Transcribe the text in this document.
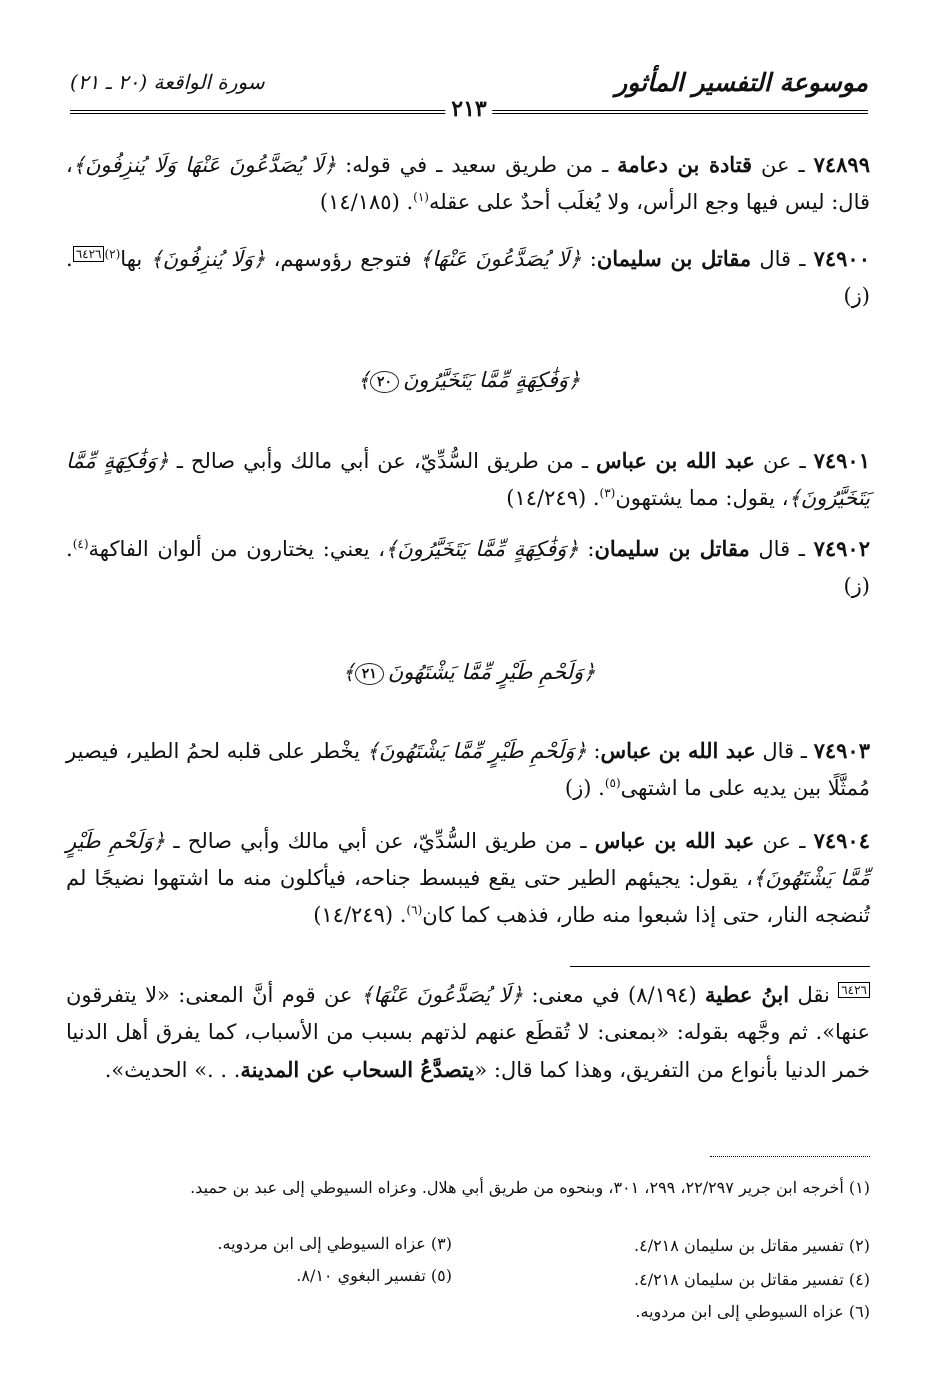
موسوعة التفسير المأثور
سورة الواقعة (٢٠ ـ ٢١)
٢١٣
٧٤٨٩٩ ـ عن قتادة بن دعامة ـ من طريق سعيد ـ في قوله: ﴿لَا يُصَدَّعُونَ عَنْهَا وَلَا يُنزِفُونَ﴾، قال: ليس فيها وجع الرأس، ولا يُغلَب أحدٌ على عقله$^{(١)}$. (١٤/١٨٥)
٧٤٩٠٠ ـ قال مقاتل بن سليمان: ﴿لَا يُصَدَّعُونَ عَنْهَا﴾ فتوجع رؤوسهم، ﴿وَلَا يُنزِفُونَ﴾ بها$^{(٢)}$٦٤٢٦. (ز)
﴿وَفَٰكِهَةٍ مِّمَّا يَتَخَيَّرُونَ٢٠﴾
٧٤٩٠١ ـ عن عبد الله بن عباس ـ من طريق السُّدِّيّ، عن أبي مالك وأبي صالح ـ ﴿وَفَٰكِهَةٍ مِّمَّا يَتَخَيَّرُونَ﴾، يقول: مما يشتهون$^{(٣)}$. (١٤/٢٤٩)
٧٤٩٠٢ ـ قال مقاتل بن سليمان: ﴿وَفَٰكِهَةٍ مِّمَّا يَتَخَيَّرُونَ﴾، يعني: يختارون من ألوان الفاكهة$^{(٤)}$. (ز)
﴿وَلَحْمِ طَيْرٍ مِّمَّا يَشْتَهُونَ٢١﴾
٧٤٩٠٣ ـ قال عبد الله بن عباس: ﴿وَلَحْمِ طَيْرٍ مِّمَّا يَشْتَهُونَ﴾ يخْطر على قلبه لحمُ الطير، فيصير مُمثَّلًا بين يديه على ما اشتهى$^{(٥)}$. (ز)
٧٤٩٠٤ ـ عن عبد الله بن عباس ـ من طريق السُّدِّيّ، عن أبي مالك وأبي صالح ـ ﴿وَلَحْمِ طَيْرٍ مِّمَّا يَشْتَهُونَ﴾، يقول: يجيئهم الطير حتى يقع فيبسط جناحه، فيأكلون منه ما اشتهوا نضيجًا لم تُنضجه النار، حتى إذا شبعوا منه طار، فذهب كما كان$^{(٦)}$. (١٤/٢٤٩)
٦٤٢٦ نقل ابنُ عطية (٨/١٩٤) في معنى: ﴿لَا يُصَدَّعُونَ عَنْهَا﴾ عن قوم أنَّ المعنى: «لا يتفرقون عنها». ثم وجَّهه بقوله: «بمعنى: لا تُقطَع عنهم لذتهم بسبب من الأسباب، كما يفرق أهل الدنيا خمر الدنيا بأنواع من التفريق، وهذا كما قال: «يتصدَّعُ السحاب عن المدينة. . .» الحديث».
(١) أخرجه ابن جرير ٢٢/٢٩٧، ٢٩٩، ٣٠١، وبنحوه من طريق أبي هلال. وعزاه السيوطي إلى عبد بن حميد.
(٢) تفسير مقاتل بن سليمان ٤/٢١٨.
(٣) عزاه السيوطي إلى ابن مردويه.
(٤) تفسير مقاتل بن سليمان ٤/٢١٨.
(٥) تفسير البغوي ٨/١٠.
(٦) عزاه السيوطي إلى ابن مردويه.
